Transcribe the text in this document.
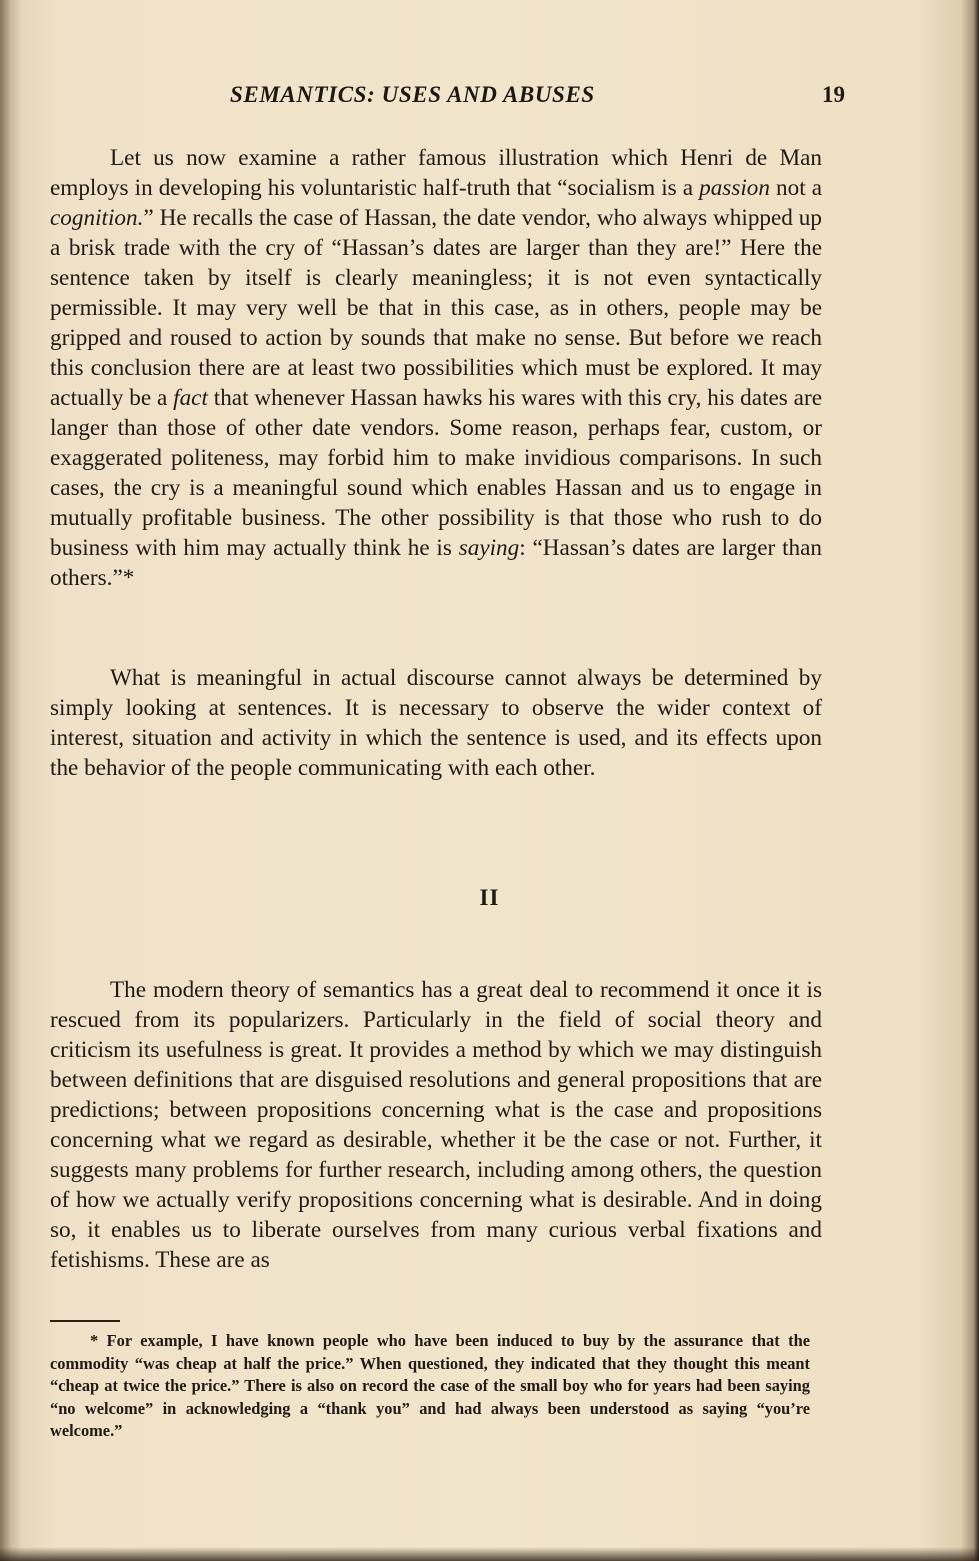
SEMANTICS: USES AND ABUSES	19

Let us now examine a rather famous illustration which Henri de Man employs in developing his voluntaristic half-truth that “socialism is a passion not a cognition.” He recalls the case of Hassan, the date vendor, who always whipped up a brisk trade with the cry of “Hassan’s dates are larger than they are!” Here the sentence taken by itself is clearly meaningless; it is not even syntactically permissible. It may very well be that in this case, as in others, people may be gripped and roused to action by sounds that make no sense. But before we reach this conclusion there are at least two possibilities which must be explored. It may actually be a fact that whenever Hassan hawks his wares with this cry, his dates are langer than those of other date vendors. Some reason, perhaps fear, custom, or exaggerated politeness, may forbid him to make invidious comparisons. In such cases, the cry is a meaningful sound which enables Hassan and us to engage in mutually profitable business. The other possibility is that those who rush to do business with him may actually think he is saying: “Hassan’s dates are larger than others.”*

What is meaningful in actual discourse cannot always be determined by simply looking at sentences. It is necessary to observe the wider context of interest, situation and activity in which the sentence is used, and its effects upon the behavior of the people communicating with each other.

II

The modern theory of semantics has a great deal to recommend it once it is rescued from its popularizers. Particularly in the field of social theory and criticism its usefulness is great. It provides a method by which we may distinguish between definitions that are disguised resolutions and general propositions that are predictions; between propositions concerning what is the case and propositions concerning what we regard as desirable, whether it be the case or not. Further, it suggests many problems for further research, including among others, the question of how we actually verify propositions concerning what is desirable. And in doing so, it enables us to liberate ourselves from many curious verbal fixations and fetishisms. These are as

* For example, I have known people who have been induced to buy by the assurance that the commodity “was cheap at half the price.” When questioned, they indicated that they thought this meant “cheap at twice the price.” There is also on record the case of the small boy who for years had been saying “no welcome” in acknowledging a “thank you” and had always been understood as saying “you’re welcome.”
